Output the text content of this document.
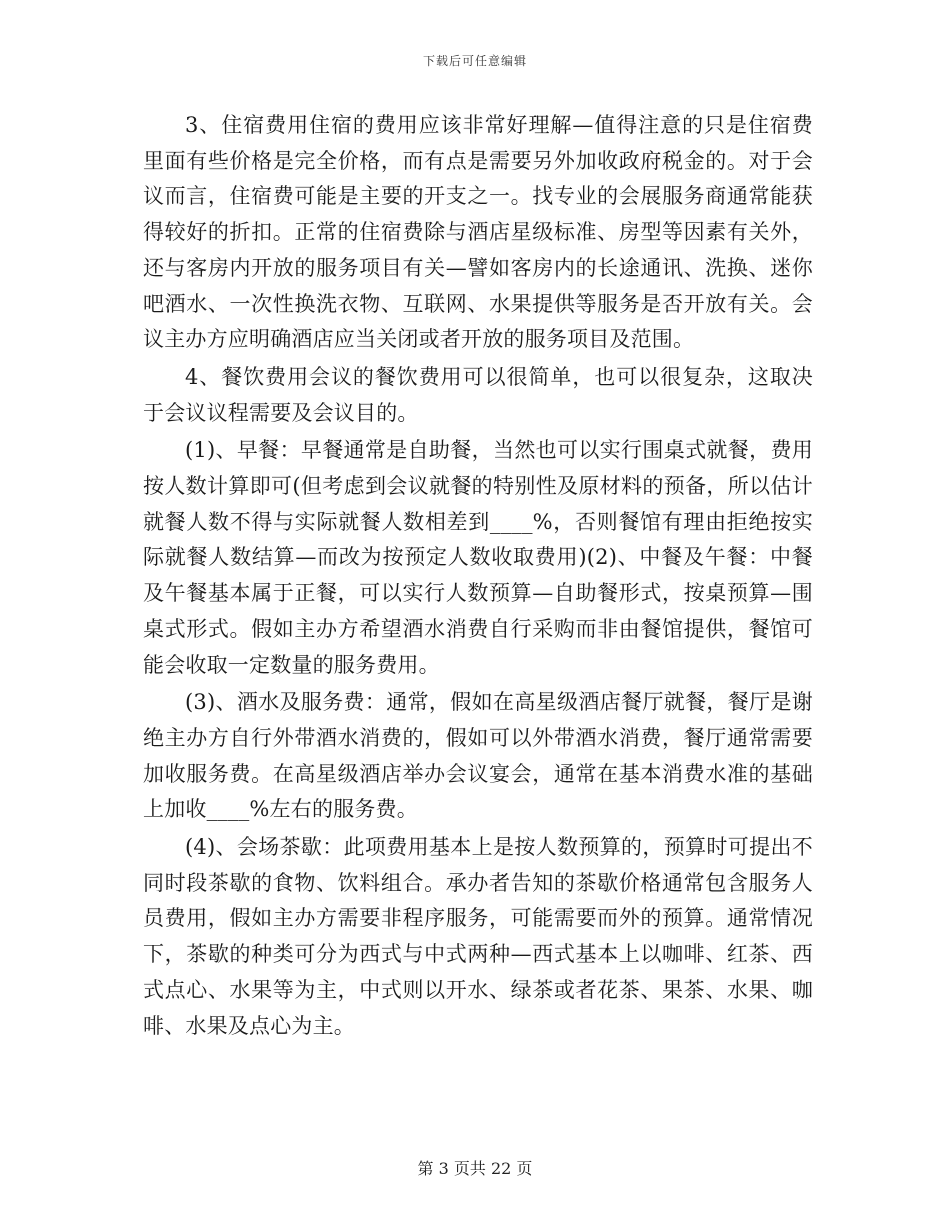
下载后可任意编辑

3、住宿费用住宿的费用应该非常好理解—值得注意的只是住宿费里面有些价格是完全价格，而有点是需要另外加收政府税金的。对于会议而言，住宿费可能是主要的开支之一。找专业的会展服务商通常能获得较好的折扣。正常的住宿费除与酒店星级标准、房型等因素有关外，还与客房内开放的服务项目有关—譬如客房内的长途通讯、洗换、迷你吧酒水、一次性换洗衣物、互联网、水果提供等服务是否开放有关。会议主办方应明确酒店应当关闭或者开放的服务项目及范围。

4、餐饮费用会议的餐饮费用可以很简单，也可以很复杂，这取决于会议议程需要及会议目的。

(1)、早餐：早餐通常是自助餐，当然也可以实行围桌式就餐，费用按人数计算即可(但考虑到会议就餐的特别性及原材料的预备，所以估计就餐人数不得与实际就餐人数相差到____%，否则餐馆有理由拒绝按实际就餐人数结算—而改为按预定人数收取费用)(2)、中餐及午餐：中餐及午餐基本属于正餐，可以实行人数预算—自助餐形式，按桌预算—围桌式形式。假如主办方希望酒水消费自行采购而非由餐馆提供，餐馆可能会收取一定数量的服务费用。

(3)、酒水及服务费：通常，假如在高星级酒店餐厅就餐，餐厅是谢绝主办方自行外带酒水消费的，假如可以外带酒水消费，餐厅通常需要加收服务费。在高星级酒店举办会议宴会，通常在基本消费水准的基础上加收____%左右的服务费。

(4)、会场茶歇：此项费用基本上是按人数预算的，预算时可提出不同时段茶歇的食物、饮料组合。承办者告知的茶歇价格通常包含服务人员费用，假如主办方需要非程序服务，可能需要而外的预算。通常情况下，茶歇的种类可分为西式与中式两种—西式基本上以咖啡、红茶、西式点心、水果等为主，中式则以开水、绿茶或者花茶、果茶、水果、咖啡、水果及点心为主。

第 3 页共 22 页
